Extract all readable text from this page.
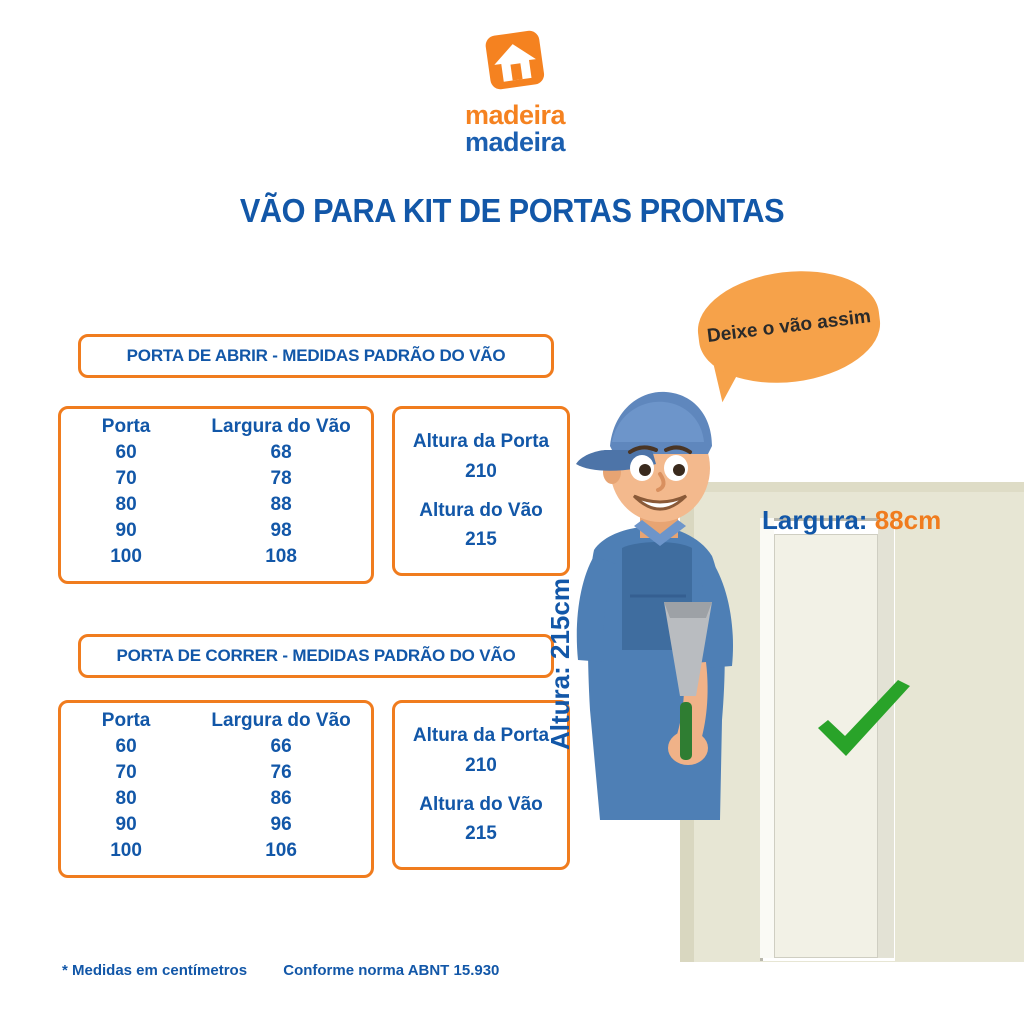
madeira
madeira
VÃO PARA KIT DE PORTAS PRONTAS
PORTA DE ABRIR - MEDIDAS PADRÃO DO VÃO
Porta	Largura do Vão
60	68
70	78
80	88
90	98
100	108
Altura da Porta
210
Altura do Vão
215
PORTA DE CORRER - MEDIDAS PADRÃO DO VÃO
Porta	Largura do Vão
60	66
70	76
80	86
90	96
100	106
Altura da Porta
210
Altura do Vão
215
* Medidas em centímetros Conforme norma ABNT 15.930
Largura: 88cm
Altura: 215cm
Deixe o vão assim
